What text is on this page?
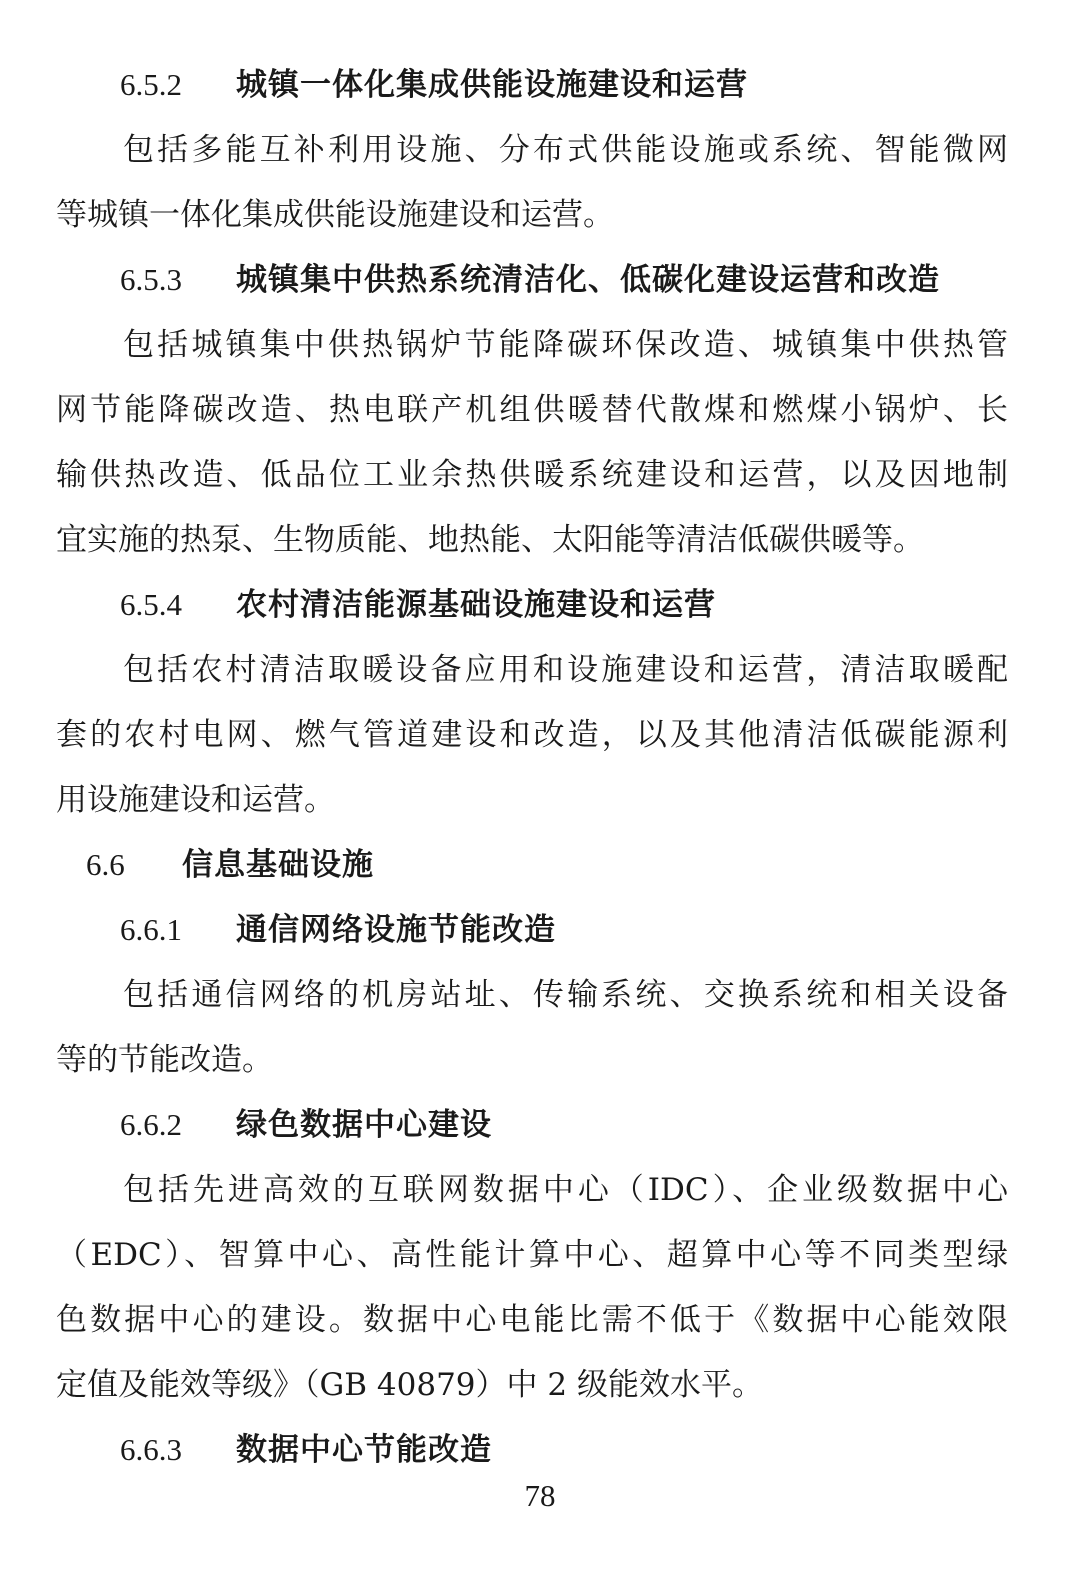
6.5.2 城镇一体化集成供能设施建设和运营
包括多能互补利用设施、分布式供能设施或系统、智能微网
等城镇一体化集成供能设施建设和运营。
6.5.3 城镇集中供热系统清洁化、低碳化建设运营和改造
包括城镇集中供热锅炉节能降碳环保改造、城镇集中供热管
网节能降碳改造、热电联产机组供暖替代散煤和燃煤小锅炉、长
输供热改造、低品位工业余热供暖系统建设和运营，以及因地制
宜实施的热泵、生物质能、地热能、太阳能等清洁低碳供暖等。
6.5.4 农村清洁能源基础设施建设和运营
包括农村清洁取暖设备应用和设施建设和运营，清洁取暖配
套的农村电网、燃气管道建设和改造，以及其他清洁低碳能源利
用设施建设和运营。
6.6 信息基础设施
6.6.1 通信网络设施节能改造
包括通信网络的机房站址、传输系统、交换系统和相关设备
等的节能改造。
6.6.2 绿色数据中心建设
包括先进高效的互联网数据中心（IDC）、企业级数据中心
（EDC）、智算中心、高性能计算中心、超算中心等不同类型绿
色数据中心的建设。数据中心电能比需不低于《数据中心能效限
定值及能效等级》（GB 40879）中 2 级能效水平。
6.6.3 数据中心节能改造
78
